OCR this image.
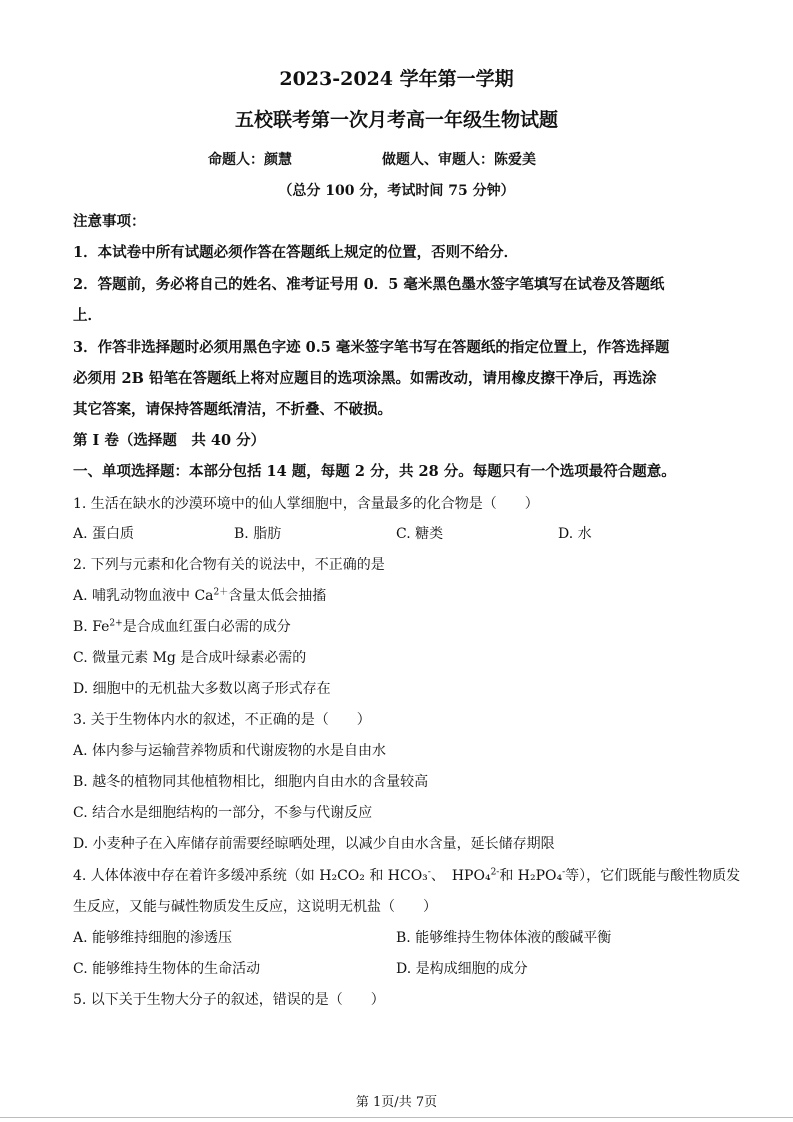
2023-2024 学年第一学期
五校联考第一次月考高一年级生物试题
命题人：颜慧	做题人、审题人：陈爱美
（总分 100 分，考试时间 75 分钟）
注意事项：
1．本试卷中所有试题必须作答在答题纸上规定的位置，否则不给分．
2．答题前，务必将自己的姓名、准考证号用 0．5 毫米黑色墨水签字笔填写在试卷及答题纸
上．
3．作答非选择题时必须用黑色字迹 0.5 毫米签字笔书写在答题纸的指定位置上，作答选择题
必须用 2B 铅笔在答题纸上将对应题目的选项涂黑。如需改动，请用橡皮擦干净后，再选涂
其它答案，请保持答题纸清洁，不折叠、不破损。
第 I 卷（选择题　共 40 分）
一、单项选择题：本部分包括 14 题，每题 2 分，共 28 分。每题只有一个选项最符合题意。
1. 生活在缺水的沙漠环境中的仙人掌细胞中，含量最多的化合物是（　　）
A. 蛋白质	B. 脂肪	C. 糖类	D. 水
2. 下列与元素和化合物有关的说法中，不正确的是
A. 哺乳动物血液中 $Ca^{2+}$含量太低会抽搐
B. $Fe^{2+}$是合成血红蛋白必需的成分
C. 微量元素 Mg 是合成叶绿素必需的
D. 细胞中的无机盐大多数以离子形式存在
3. 关于生物体内水的叙述，不正确的是（　　）
A. 体内参与运输营养物质和代谢废物的水是自由水
B. 越冬的植物同其他植物相比，细胞内自由水的含量较高
C. 结合水是细胞结构的一部分，不参与代谢反应
D. 小麦种子在入库储存前需要经晾晒处理，以减少自由水含量，延长储存期限
4. 人体体液中存在着许多缓冲系统（如 H₂CO₂ 和 HCO₃-、　HPO₄$^{2-}$和 H₂PO₄-等），它们既能与酸性物质发
生反应，又能与碱性物质发生反应，这说明无机盐（　　）
A. 能够维持细胞的渗透压	B. 能够维持生物体体液的酸碱平衡
C. 能够维持生物体的生命活动	D. 是构成细胞的成分
5. 以下关于生物大分子的叙述，错误的是（　　）
第 1页/共 7页
